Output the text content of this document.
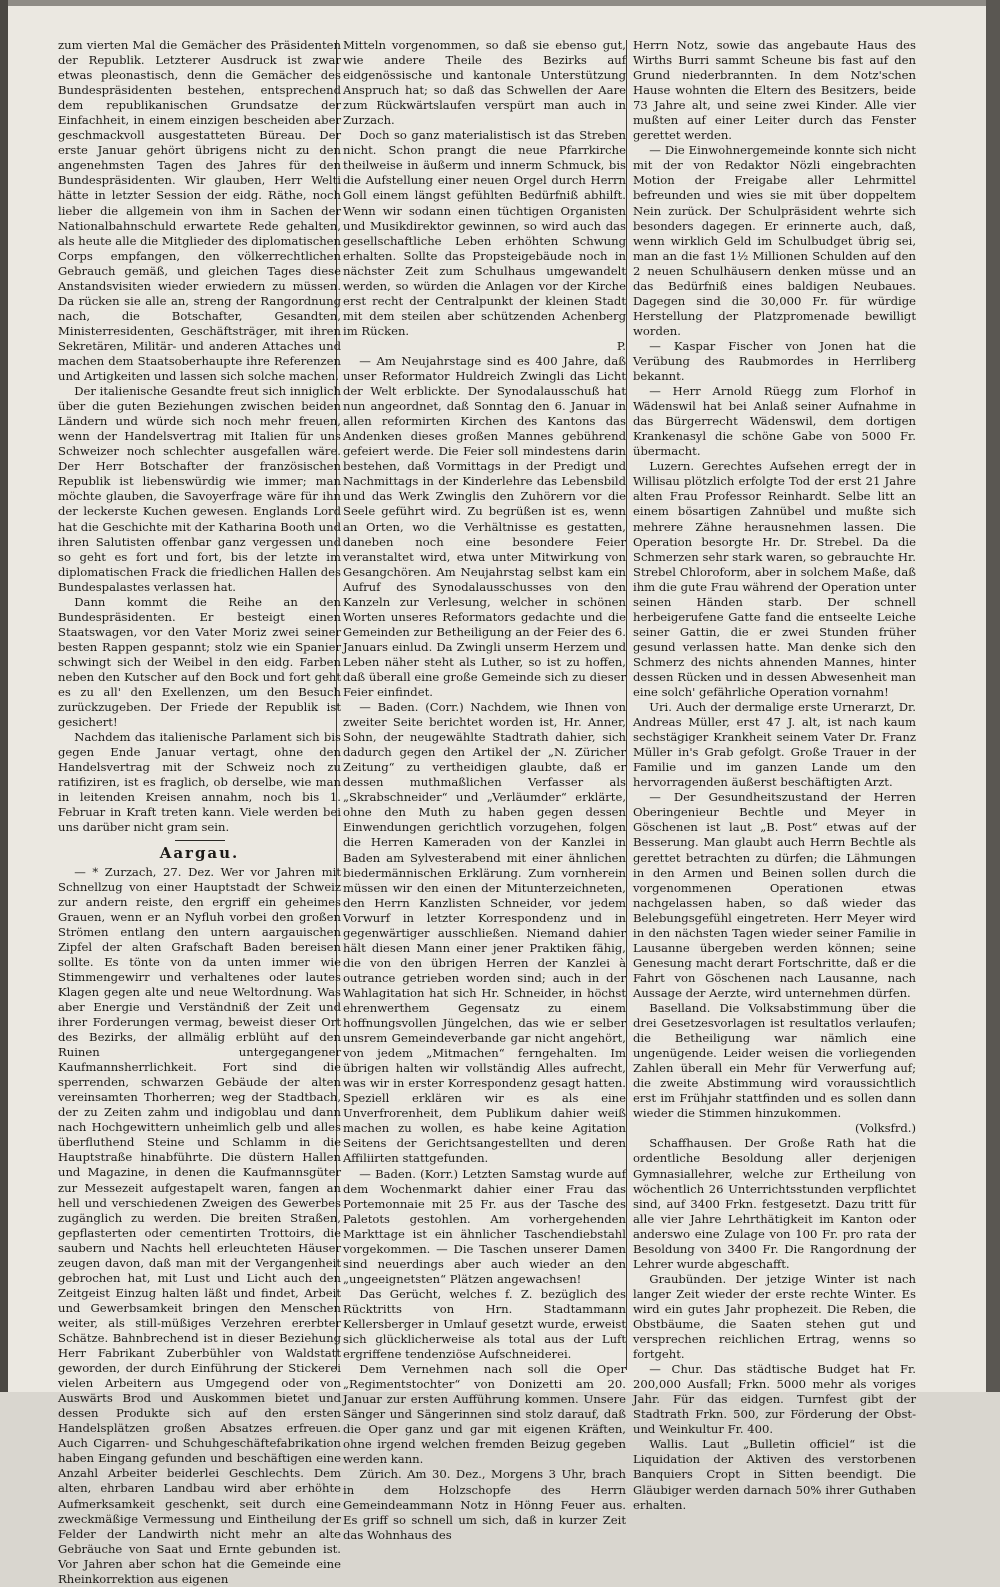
zum vierten Mal die Gemächer des Präsidenten der Republik. Letzterer Ausdruck ist zwar etwas pleonastisch, denn die Gemächer des Bundespräsidenten bestehen, entsprechend dem republikanischen Grundsatze der Einfachheit, in einem einzigen bescheiden aber geschmackvoll ausgestatteten Büreau. Der erste Januar gehört übrigens nicht zu den angenehmsten Tagen des Jahres für den Bundespräsidenten. Wir glauben, Herr Welti hätte in letzter Session der eidg. Räthe, noch lieber die allgemein von ihm in Sachen der Nationalbahnschuld erwartete Rede gehalten, als heute alle die Mitglieder des diplomatischen Corps empfangen, den völkerrechtlichen Gebrauch gemäß, und gleichen Tages diese Anstandsvisiten wieder erwiedern zu müssen. Da rücken sie alle an, streng der Rangordnung nach, die Botschafter, Gesandten, Ministerresidenten, Geschäftsträger, mit ihren Sekretären, Militär- und anderen Attaches und machen dem Staatsoberhaupte ihre Referenzen und Artigkeiten und lassen sich solche machen.

Der italienische Gesandte freut sich inniglich über die guten Beziehungen zwischen beiden Ländern und würde sich noch mehr freuen, wenn der Handelsvertrag mit Italien für uns Schweizer noch schlechter ausgefallen wäre. Der Herr Botschafter der französischen Republik ist liebenswürdig wie immer; man möchte glauben, die Savoyerfrage wäre für ihn der leckerste Kuchen gewesen. Englands Lord hat die Geschichte mit der Katharina Booth und ihren Salutisten offenbar ganz vergessen und so geht es fort und fort, bis der letzte im diplomatischen Frack die friedlichen Hallen des Bundespalastes verlassen hat.

Dann kommt die Reihe an den Bundespräsidenten. Er besteigt einen Staatswagen, vor den Vater Moriz zwei seiner besten Rappen gespannt; stolz wie ein Spanier schwingt sich der Weibel in den eidg. Farben neben den Kutscher auf den Bock und fort geht es zu all' den Exellenzen, um den Besuch zurückzugeben. Der Friede der Republik ist gesichert!

Nachdem das italienische Parlament sich bis gegen Ende Januar vertagt, ohne den Handelsvertrag mit der Schweiz noch zu ratifiziren, ist es fraglich, ob derselbe, wie man in leitenden Kreisen annahm, noch bis 1. Februar in Kraft treten kann. Viele werden bei uns darüber nicht gram sein.

Aargau.

— * Zurzach, 27. Dez. Wer vor Jahren mit Schnellzug von einer Hauptstadt der Schweiz zur andern reiste, den ergriff ein geheimes Grauen, wenn er an Nyfluh vorbei den großen Strömen entlang den untern aargauischen Zipfel der alten Grafschaft Baden bereisen sollte. Es tönte von da unten immer wie Stimmengewirr und verhaltenes oder lautes Klagen gegen alte und neue Weltordnung. Was aber Energie und Verständniß der Zeit und ihrer Forderungen vermag, beweist dieser Ort des Bezirks, der allmälig erblüht auf den Ruinen untergegangener Kaufmannsherrlichkeit. Fort sind die sperrenden, schwarzen Gebäude der alten vereinsamten Thorherren; weg der Stadtbach, der zu Zeiten zahm und indigoblau und dann nach Hochgewittern unheimlich gelb und alles überfluthend Steine und Schlamm in die Hauptstraße hinabführte. Die düstern Hallen und Magazine, in denen die Kaufmannsgüter zur Messezeit aufgestapelt waren, fangen an hell und verschiedenen Zweigen des Gewerbes zugänglich zu werden. Die breiten Straßen, gepflasterten oder cementirten Trottoirs, die saubern und Nachts hell erleuchteten Häuser zeugen davon, daß man mit der Vergangenheit gebrochen hat, mit Lust und Licht auch den Zeitgeist Einzug halten läßt und findet, Arbeit und Gewerbsamkeit bringen den Menschen weiter, als still-müßiges Verzehren ererbter Schätze. Bahnbrechend ist in dieser Beziehung Herr Fabrikant Zuberbühler von Waldstatt geworden, der durch Einführung der Stickerei vielen Arbeitern aus Umgegend oder von Auswärts Brod und Auskommen bietet und dessen Produkte sich auf den ersten Handelsplätzen großen Absatzes erfreuen. Auch Cigarren- und Schuhgeschäftefabrikation haben Eingang gefunden und beschäftigen eine Anzahl Arbeiter beiderlei Geschlechts. Dem alten, ehrbaren Landbau wird aber erhöhte Aufmerksamkeit geschenkt, seit durch eine zweckmäßige Vermessung und Eintheilung der Felder der Landwirth nicht mehr an alte Gebräuche von Saat und Ernte gebunden ist. Vor Jahren aber schon hat die Gemeinde eine Rheinkorrektion aus eigenen

Mitteln vorgenommen, so daß sie ebenso gut, wie andere Theile des Bezirks auf eidgenössische und kantonale Unterstützung Anspruch hat; so daß das Schwellen der Aare zum Rückwärtslaufen verspürt man auch in Zurzach.

Doch so ganz materialistisch ist das Streben nicht. Schon prangt die neue Pfarrkirche theilweise in äußerm und innerm Schmuck, bis die Aufstellung einer neuen Orgel durch Herrn Goll einem längst gefühlten Bedürfniß abhilft. Wenn wir sodann einen tüchtigen Organisten und Musikdirektor gewinnen, so wird auch das gesellschaftliche Leben erhöhten Schwung erhalten. Sollte das Propsteigebäude noch in nächster Zeit zum Schulhaus umgewandelt werden, so würden die Anlagen vor der Kirche erst recht der Centralpunkt der kleinen Stadt mit dem steilen aber schützenden Achenberg im Rücken.

P.

— Am Neujahrstage sind es 400 Jahre, daß unser Reformator Huldreich Zwingli das Licht der Welt erblickte. Der Synodalausschuß hat nun angeordnet, daß Sonntag den 6. Januar in allen reformirten Kirchen des Kantons das Andenken dieses großen Mannes gebührend gefeiert werde. Die Feier soll mindestens darin bestehen, daß Vormittags in der Predigt und Nachmittags in der Kinderlehre das Lebensbild und das Werk Zwinglis den Zuhörern vor die Seele geführt wird. Zu begrüßen ist es, wenn an Orten, wo die Verhältnisse es gestatten, daneben noch eine besondere Feier veranstaltet wird, etwa unter Mitwirkung von Gesangchören. Am Neujahrstag selbst kam ein Aufruf des Synodalausschusses von den Kanzeln zur Verlesung, welcher in schönen Worten unseres Reformators gedachte und die Gemeinden zur Betheiligung an der Feier des 6. Januars einlud. Da Zwingli unserm Herzem und Leben näher steht als Luther, so ist zu hoffen, daß überall eine große Gemeinde sich zu dieser Feier einfindet.

— Baden. (Corr.) Nachdem, wie Ihnen von zweiter Seite berichtet worden ist, Hr. Anner, Sohn, der neugewählte Stadtrath dahier, sich dadurch gegen den Artikel der „N. Züricher Zeitung“ zu vertheidigen glaubte, daß er dessen muthmaßlichen Verfasser als „Skrabschneider“ und „Verläumder“ erklärte, ohne den Muth zu haben gegen dessen Einwendungen gerichtlich vorzugehen, folgen die Herren Kameraden von der Kanzlei in Baden am Sylvesterabend mit einer ähnlichen biedermännischen Erklärung. Zum vornherein müssen wir den einen der Mitunterzeichneten, den Herrn Kanzlisten Schneider, vor jedem Vorwurf in letzter Korrespondenz und in gegenwärtiger ausschließen. Niemand dahier hält diesen Mann einer jener Praktiken fähig, die von den übrigen Herren der Kanzlei à outrance getrieben worden sind; auch in der Wahlagitation hat sich Hr. Schneider, in höchst ehrenwerthem Gegensatz zu einem hoffnungsvollen Jüngelchen, das wie er selber unsrem Gemeindeverbande gar nicht angehört, von jedem „Mitmachen“ ferngehalten. Im übrigen halten wir vollständig Alles aufrecht, was wir in erster Korrespondenz gesagt hatten. Speziell erklären wir es als eine Unverfrorenheit, dem Publikum dahier weiß machen zu wollen, es habe keine Agitation Seitens der Gerichtsangestellten und deren Affiliirten stattgefunden.

— Baden. (Korr.) Letzten Samstag wurde auf dem Wochenmarkt dahier einer Frau das Portemonnaie mit 25 Fr. aus der Tasche des Paletots gestohlen. Am vorhergehenden Markttage ist ein ähnlicher Taschendiebstahl vorgekommen. — Die Taschen unserer Damen sind neuerdings aber auch wieder an den „ungeeignetsten“ Plätzen angewachsen!

Das Gerücht, welches f. Z. bezüglich des Rücktritts von Hrn. Stadtammann Kellersberger in Umlauf gesetzt wurde, erweist sich glücklicherweise als total aus der Luft ergriffene tendenziöse Aufschneiderei.

Dem Vernehmen nach soll die Oper „Regimentstochter“ von Donizetti am 20. Januar zur ersten Aufführung kommen. Unsere Sänger und Sängerinnen sind stolz darauf, daß die Oper ganz und gar mit eigenen Kräften, ohne irgend welchen fremden Beizug gegeben werden kann.

Zürich. Am 30. Dez., Morgens 3 Uhr, brach in dem Holzschopfe des Herrn Gemeindeammann Notz in Hönng Feuer aus. Es griff so schnell um sich, daß in kurzer Zeit das Wohnhaus des

Herrn Notz, sowie das angebaute Haus des Wirths Burri sammt Scheune bis fast auf den Grund niederbrannten. In dem Notz'schen Hause wohnten die Eltern des Besitzers, beide 73 Jahre alt, und seine zwei Kinder. Alle vier mußten auf einer Leiter durch das Fenster gerettet werden.

— Die Einwohnergemeinde konnte sich nicht mit der von Redaktor Nözli eingebrachten Motion der Freigabe aller Lehrmittel befreunden und wies sie mit über doppeltem Nein zurück. Der Schulpräsident wehrte sich besonders dagegen. Er erinnerte auch, daß, wenn wirklich Geld im Schulbudget übrig sei, man an die fast 1½ Millionen Schulden auf den 2 neuen Schulhäusern denken müsse und an das Bedürfniß eines baldigen Neubaues. Dagegen sind die 30,000 Fr. für würdige Herstellung der Platzpromenade bewilligt worden.

— Kaspar Fischer von Jonen hat die Verübung des Raubmordes in Herrliberg bekannt.

— Herr Arnold Rüegg zum Florhof in Wädenswil hat bei Anlaß seiner Aufnahme in das Bürgerrecht Wädenswil, dem dortigen Krankenasyl die schöne Gabe von 5000 Fr. übermacht.

Luzern. Gerechtes Aufsehen erregt der in Willisau plötzlich erfolgte Tod der erst 21 Jahre alten Frau Professor Reinhardt. Selbe litt an einem bösartigen Zahnübel und mußte sich mehrere Zähne herausnehmen lassen. Die Operation besorgte Hr. Dr. Strebel. Da die Schmerzen sehr stark waren, so gebrauchte Hr. Strebel Chloroform, aber in solchem Maße, daß ihm die gute Frau während der Operation unter seinen Händen starb. Der schnell herbeigerufene Gatte fand die entseelte Leiche seiner Gattin, die er zwei Stunden früher gesund verlassen hatte. Man denke sich den Schmerz des nichts ahnenden Mannes, hinter dessen Rücken und in dessen Abwesenheit man eine solch' gefährliche Operation vornahm!

Uri. Auch der dermalige erste Urnerarzt, Dr. Andreas Müller, erst 47 J. alt, ist nach kaum sechstägiger Krankheit seinem Vater Dr. Franz Müller in's Grab gefolgt. Große Trauer in der Familie und im ganzen Lande um den hervorragenden äußerst beschäftigten Arzt.

— Der Gesundheitszustand der Herren Oberingenieur Bechtle und Meyer in Göschenen ist laut „B. Post“ etwas auf der Besserung. Man glaubt auch Herrn Bechtle als gerettet betrachten zu dürfen; die Lähmungen in den Armen und Beinen sollen durch die vorgenommenen Operationen etwas nachgelassen haben, so daß wieder das Belebungsgefühl eingetreten. Herr Meyer wird in den nächsten Tagen wieder seiner Familie in Lausanne übergeben werden können; seine Genesung macht derart Fortschritte, daß er die Fahrt von Göschenen nach Lausanne, nach Aussage der Aerzte, wird unternehmen dürfen.

Baselland. Die Volksabstimmung über die drei Gesetzesvorlagen ist resultatlos verlaufen; die Betheiligung war nämlich eine ungenügende. Leider weisen die vorliegenden Zahlen überall ein Mehr für Verwerfung auf; die zweite Abstimmung wird voraussichtlich erst im Frühjahr stattfinden und es sollen dann wieder die Stimmen hinzukommen.

(Volksfrd.)

Schaffhausen. Der Große Rath hat die ordentliche Besoldung aller derjenigen Gymnasiallehrer, welche zur Ertheilung von wöchentlich 26 Unterrichtsstunden verpflichtet sind, auf 3400 Frkn. festgesetzt. Dazu tritt für alle vier Jahre Lehrthätigkeit im Kanton oder anderswo eine Zulage von 100 Fr. pro rata der Besoldung von 3400 Fr. Die Rangordnung der Lehrer wurde abgeschafft.

Graubünden. Der jetzige Winter ist nach langer Zeit wieder der erste rechte Winter. Es wird ein gutes Jahr prophezeit. Die Reben, die Obstbäume, die Saaten stehen gut und versprechen reichlichen Ertrag, wenns so fortgeht.

— Chur. Das städtische Budget hat Fr. 200,000 Ausfall; Frkn. 5000 mehr als voriges Jahr. Für das eidgen. Turnfest gibt der Stadtrath Frkn. 500, zur Förderung der Obst- und Weinkultur Fr. 400.

Wallis. Laut „Bulletin officiel“ ist die Liquidation der Aktiven des verstorbenen Banquiers Cropt in Sitten beendigt. Die Gläubiger werden darnach 50% ihrer Guthaben erhalten.
